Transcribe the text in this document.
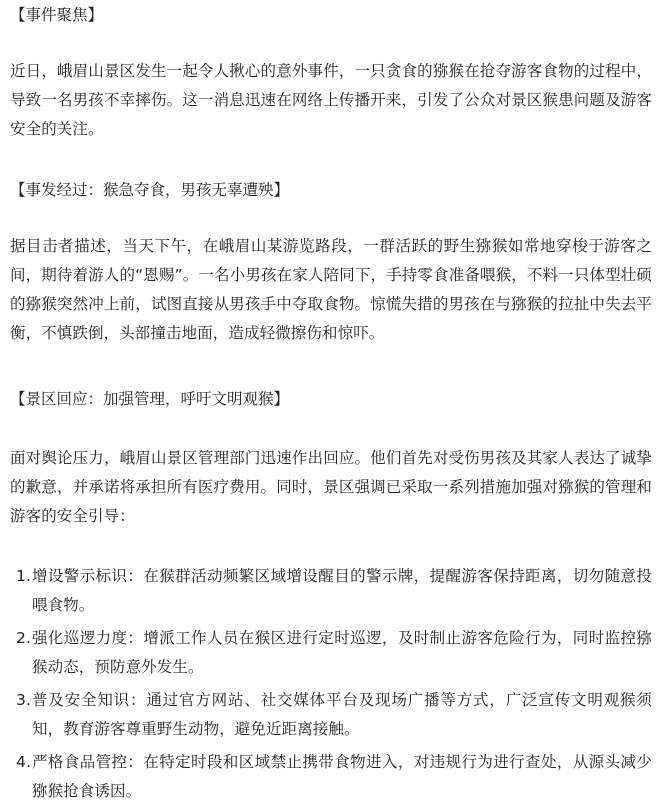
【事件聚焦】

近日，峨眉山景区发生一起令人揪心的意外事件，一只贪食的猕猴在抢夺游客食物的过程中，导致一名男孩不幸摔伤。这一消息迅速在网络上传播开来，引发了公众对景区猴患问题及游客安全的关注。

【事发经过：猴急夺食，男孩无辜遭殃】

据目击者描述，当天下午，在峨眉山某游览路段，一群活跃的野生猕猴如常地穿梭于游客之间，期待着游人的“恩赐”。一名小男孩在家人陪同下，手持零食准备喂猴，不料一只体型壮硕的猕猴突然冲上前，试图直接从男孩手中夺取食物。惊慌失措的男孩在与猕猴的拉扯中失去平衡，不慎跌倒，头部撞击地面，造成轻微擦伤和惊吓。

【景区回应：加强管理，呼吁文明观猴】

面对舆论压力，峨眉山景区管理部门迅速作出回应。他们首先对受伤男孩及其家人表达了诚挚的歉意，并承诺将承担所有医疗费用。同时，景区强调已采取一系列措施加强对猕猴的管理和游客的安全引导：

1. 增设警示标识：在猴群活动频繁区域增设醒目的警示牌，提醒游客保持距离，切勿随意投喂食物。
2. 强化巡逻力度：增派工作人员在猴区进行定时巡逻，及时制止游客危险行为，同时监控猕猴动态，预防意外发生。
3. 普及安全知识：通过官方网站、社交媒体平台及现场广播等方式，广泛宣传文明观猴须知，教育游客尊重野生动物，避免近距离接触。
4. 严格食品管控：在特定时段和区域禁止携带食物进入，对违规行为进行查处，从源头减少猕猴抢食诱因。
